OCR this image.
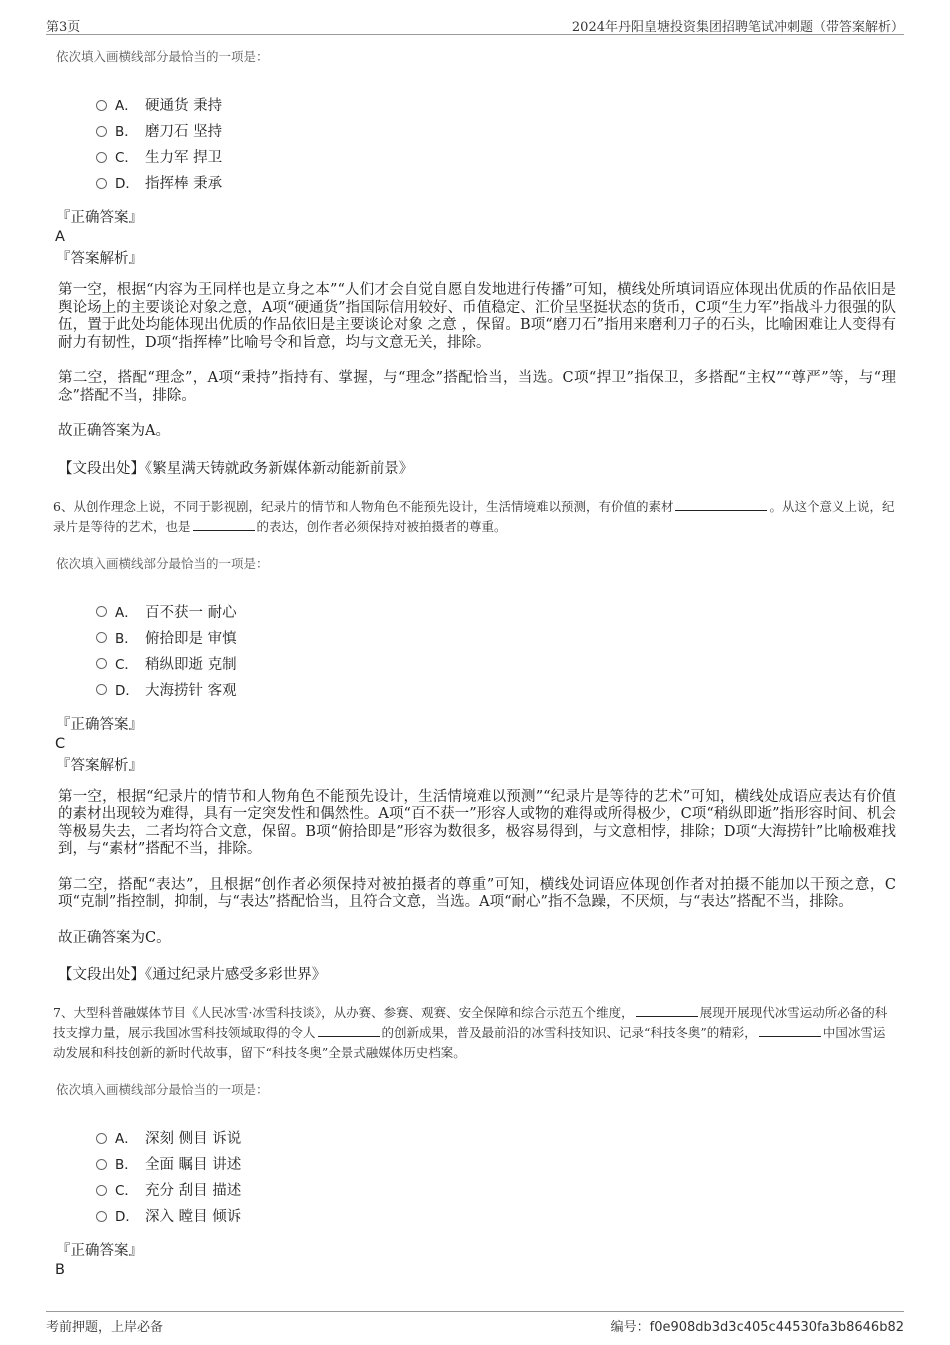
第3页	2024年丹阳皇塘投资集团招聘笔试冲刺题（带答案解析）
依次填入画横线部分最恰当的一项是：
A． 硬通货 秉持
B． 磨刀石 坚持
C． 生力军 捍卫
D． 指挥棒 秉承
『正确答案』
A
『答案解析』

第一空，根据“内容为王同样也是立身之本”“人们才会自觉自愿自发地进行传播”可知，横线处所填词语应体现出优质的作品依旧是舆论场上的主要谈论对象之意，A项“硬通货”指国际信用较好、币值稳定、汇价呈坚挺状态的货币，C项“生力军”指战斗力很强的队伍，置于此处均能体现出优质的作品依旧是主要谈论对象 之意 ，保留。B项“磨刀石”指用来磨利刀子的石头，比喻困难让人变得有耐力有韧性，D项“指挥棒”比喻号令和旨意，均与文意无关，排除。

第二空，搭配“理念”，A项“秉持”指持有、掌握，与“理念”搭配恰当，当选。C项“捍卫”指保卫，多搭配“主权”“尊严”等，与“理念”搭配不当，排除。

故正确答案为A。

【文段出处】《繁星满天铸就政务新媒体新动能新前景》
6、从创作理念上说，不同于影视剧，纪录片的情节和人物角色不能预先设计，生活情境难以预测，有价值的素材	。从这个意义上说，纪录片是等待的艺术，也是	的表达，创作者必须保持对被拍摄者的尊重。
依次填入画横线部分最恰当的一项是：
A． 百不获一 耐心
B． 俯拾即是 审慎
C． 稍纵即逝 克制
D． 大海捞针 客观
『正确答案』
C
『答案解析』

第一空，根据“纪录片的情节和人物角色不能预先设计，生活情境难以预测”“纪录片是等待的艺术”可知，横线处成语应表达有价值的素材出现较为难得，具有一定突发性和偶然性。A项“百不获一”形容人或物的难得或所得极少，C项“稍纵即逝”指形容时间、机会等极易失去，二者均符合文意，保留。B项“俯拾即是”形容为数很多，极容易得到，与文意相悖，排除；D项“大海捞针”比喻极难找到，与“素材”搭配不当，排除。

第二空，搭配“表达”，且根据“创作者必须保持对被拍摄者的尊重”可知，横线处词语应体现创作者对拍摄不能加以干预之意，C项“克制”指控制，抑制，与“表达”搭配恰当，且符合文意，当选。A项“耐心”指不急躁，不厌烦，与“表达”搭配不当，排除。

故正确答案为C。

【文段出处】《通过纪录片感受多彩世界》
7、大型科普融媒体节目《人民冰雪·冰雪科技谈》，从办赛、参赛、观赛、安全保障和综合示范五个维度，	展现开展现代冰雪运动所必备的科技支撑力量，展示我国冰雪科技领域取得的令人	的创新成果，普及最前沿的冰雪科技知识、记录“科技冬奥”的精彩，	中国冰雪运动发展和科技创新的新时代故事，留下“科技冬奥”全景式融媒体历史档案。
依次填入画横线部分最恰当的一项是：
A． 深刻 侧目 诉说
B． 全面 瞩目 讲述
C． 充分 刮目 描述
D． 深入 瞠目 倾诉
『正确答案』
B
考前押题，上岸必备	编号：f0e908db3d3c405c44530fa3b8646b82
